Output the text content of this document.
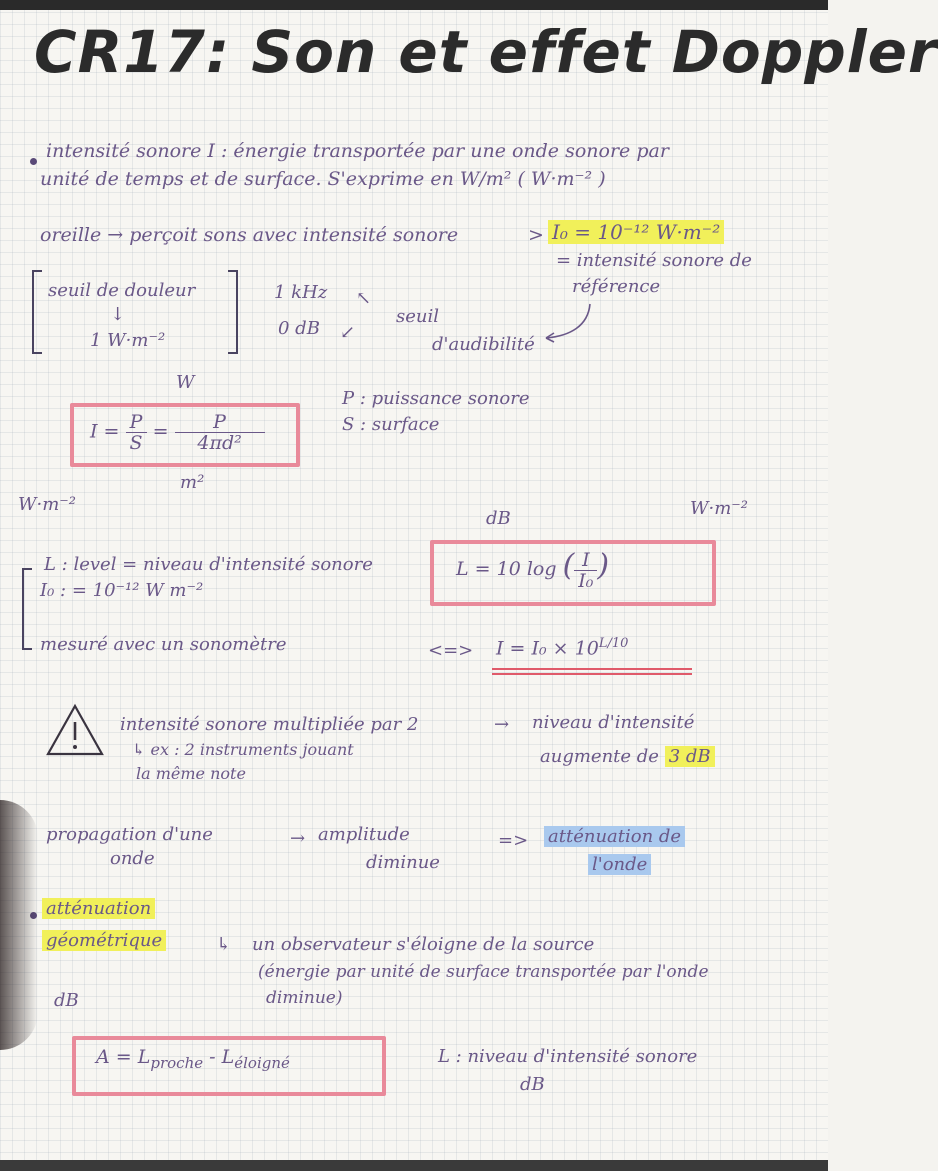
CR17: Son et effet Doppler
intensité sonore I : énergie transportée par une onde sonore par
unité de temps et de surface. S'exprime en W/m² ( W·m⁻² )
oreille → perçoit sons avec intensité sonore	> I₀ = 10⁻¹² W·m⁻²
= intensité sonore de
référence
seuil de douleur
↓
1 W·m⁻²
1 kHz ↖
0 dB ↙
seuil
d'audibilité
W
$I = \frac{P}{S} = \frac{P}{\text{4πd²}}$
m²
W·m⁻²
P : puissance sonore
S : surface
dB	W·m⁻²
L = 10 log ( $\frac{I}{\text{I₀}}$ )
L : level = niveau d'intensité sonore
I₀ : = 10⁻¹² W m⁻²
mesuré avec un sonomètre	<=> $I = I_0 \times 10^{L/10}$
intensité sonore multipliée par 2
↳ ex : 2 instruments jouant
la même note
→ niveau d'intensité
augmente de 3 dB
propagation d'une
onde
→ amplitude
diminue
=> atténuation de
l'onde
atténuation
géométrique	↳ un observateur s'éloigne de la source
(énergie par unité de surface transportée par l'onde
diminue)
dB
$A = L_{proche} - L_{éloigné}$	L : niveau d'intensité sonore
dB
